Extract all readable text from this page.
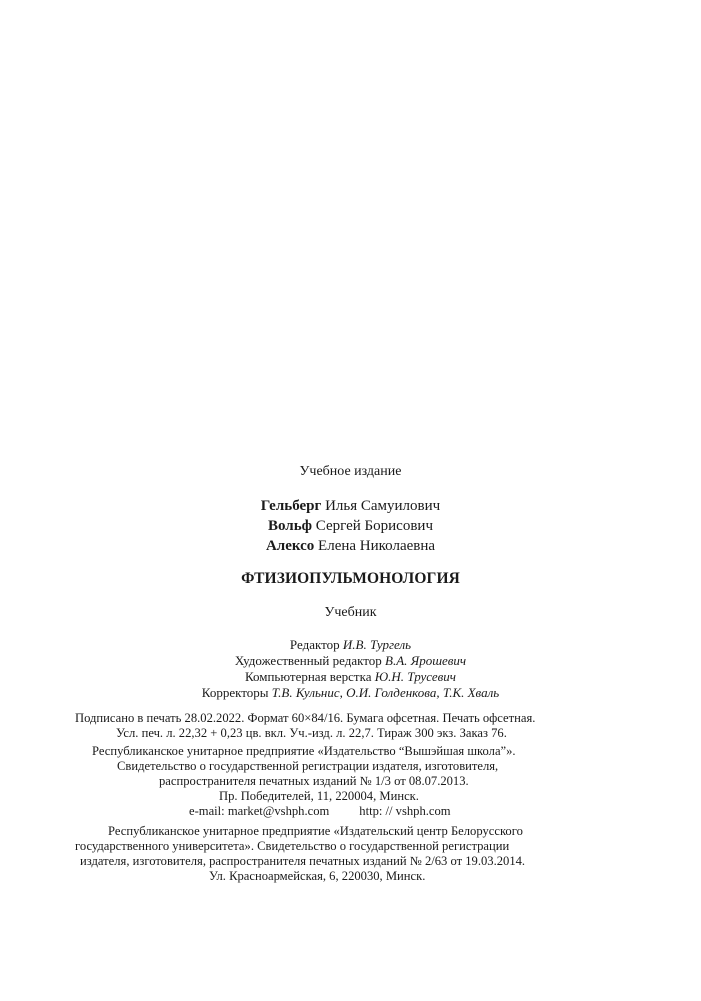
Учебное издание
Гельберг Илья Самуилович
Вольф Сергей Борисович
Алексо Елена Николаевна
ФТИЗИОПУЛЬМОНОЛОГИЯ
Учебник
Редактор И.В. Тургель
Художественный редактор В.А. Ярошевич
Компьютерная верстка Ю.Н. Трусевич
Корректоры Т.В. Кульнис, О.И. Голденкова, Т.К. Хваль
Подписано в печать 28.02.2022. Формат 60×84/16. Бумага офсетная. Печать офсетная.
Усл. печ. л. 22,32 + 0,23 цв. вкл. Уч.-изд. л. 22,7. Тираж 300 экз. Заказ 76.
Республиканское унитарное предприятие «Издательство “Вышэйшая школа”».
Свидетельство о государственной регистрации издателя, изготовителя,
распространителя печатных изданий № 1/3 от 08.07.2013.
Пр. Победителей, 11, 220004, Минск.
e-mail: market@vshph.com http: // vshph.com
Республиканское унитарное предприятие «Издательский центр Белорусского
государственного университета». Свидетельство о государственной регистрации
издателя, изготовителя, распространителя печатных изданий № 2/63 от 19.03.2014.
Ул. Красноармейская, 6, 220030, Минск.
